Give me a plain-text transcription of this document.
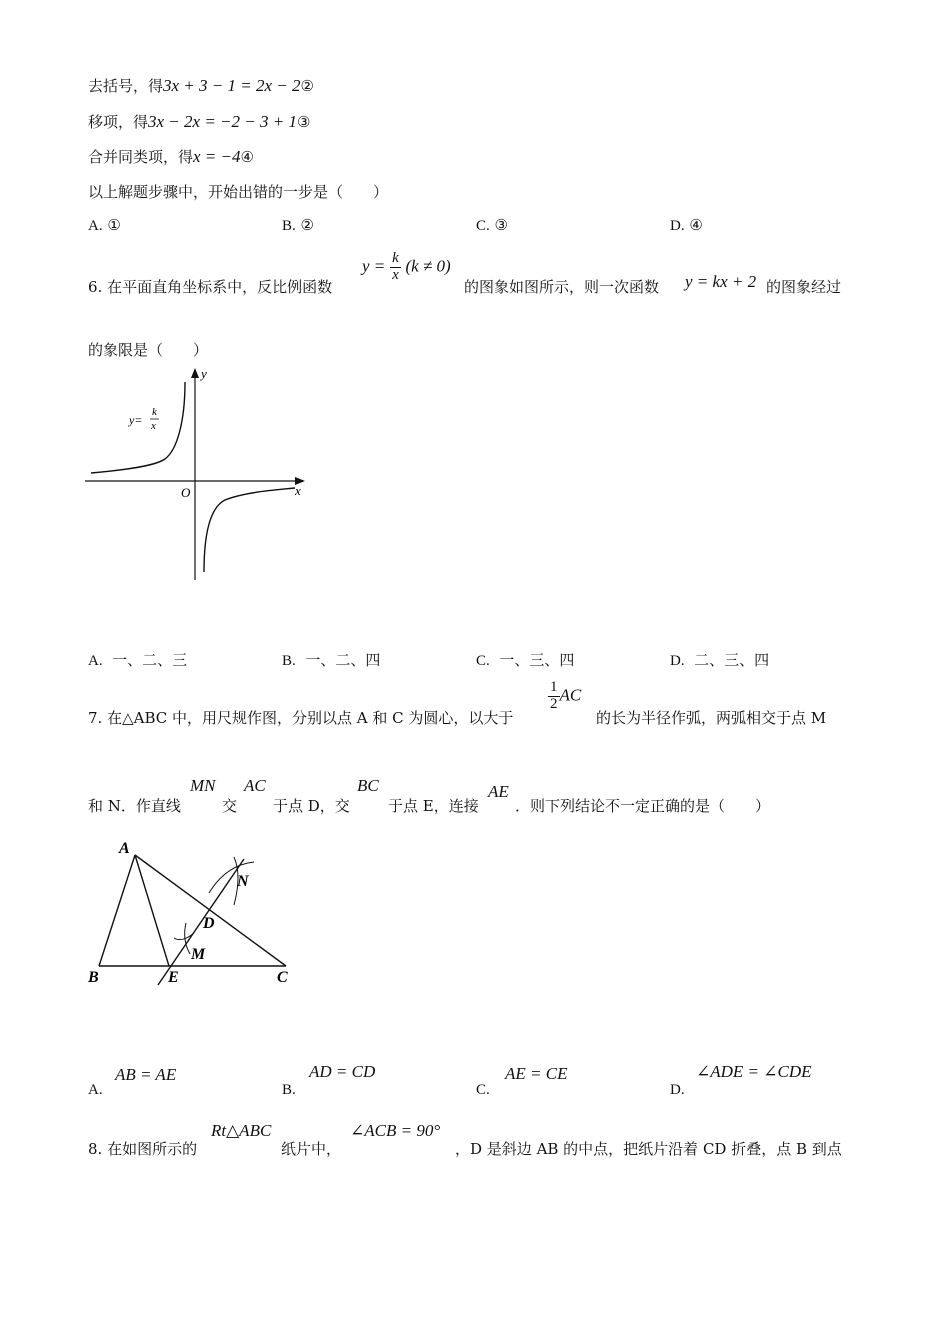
去括号，得3x + 3 − 1 = 2x − 2②
移项，得3x − 2x = −2 − 3 + 1③
合并同类项，得x = −4④
以上解题步骤中，开始出错的一步是（　　）
A. ①	B. ②	C. ③	D. ④
6. 在平面直角坐标系中，反比例函数
$y = \frac{k}{x} (k \ne 0)$
的图象如图所示，则一次函数 y = kx + 2 的图象经过
的象限是（　　）
y
x
O
y=
k
x
A. 一、二、三	B. 一、二、四	C. 一、三、四	D. 二、三、四
7. 在△ABC 中，用尺规作图，分别以点 A 和 C 为圆心，以大于
$\frac{1}{2}$ AC
的长为半径作弧，两弧相交于点 M
和 N．作直线
MN
交
AC
于点 D，交
BC
于点 E，连接
AE
．则下列结论不一定正确的是（　　）
A
B	C
D
E
M
N
A.
AB = AE
B.
AD = CD
C.
AE = CE
D.
∠ADE = ∠CDE
8. 在如图所示的
Rt△ABC
纸片中，
∠ACB = 90°
，D 是斜边 AB 的中点，把纸片沿着 CD 折叠，点 B 到点
